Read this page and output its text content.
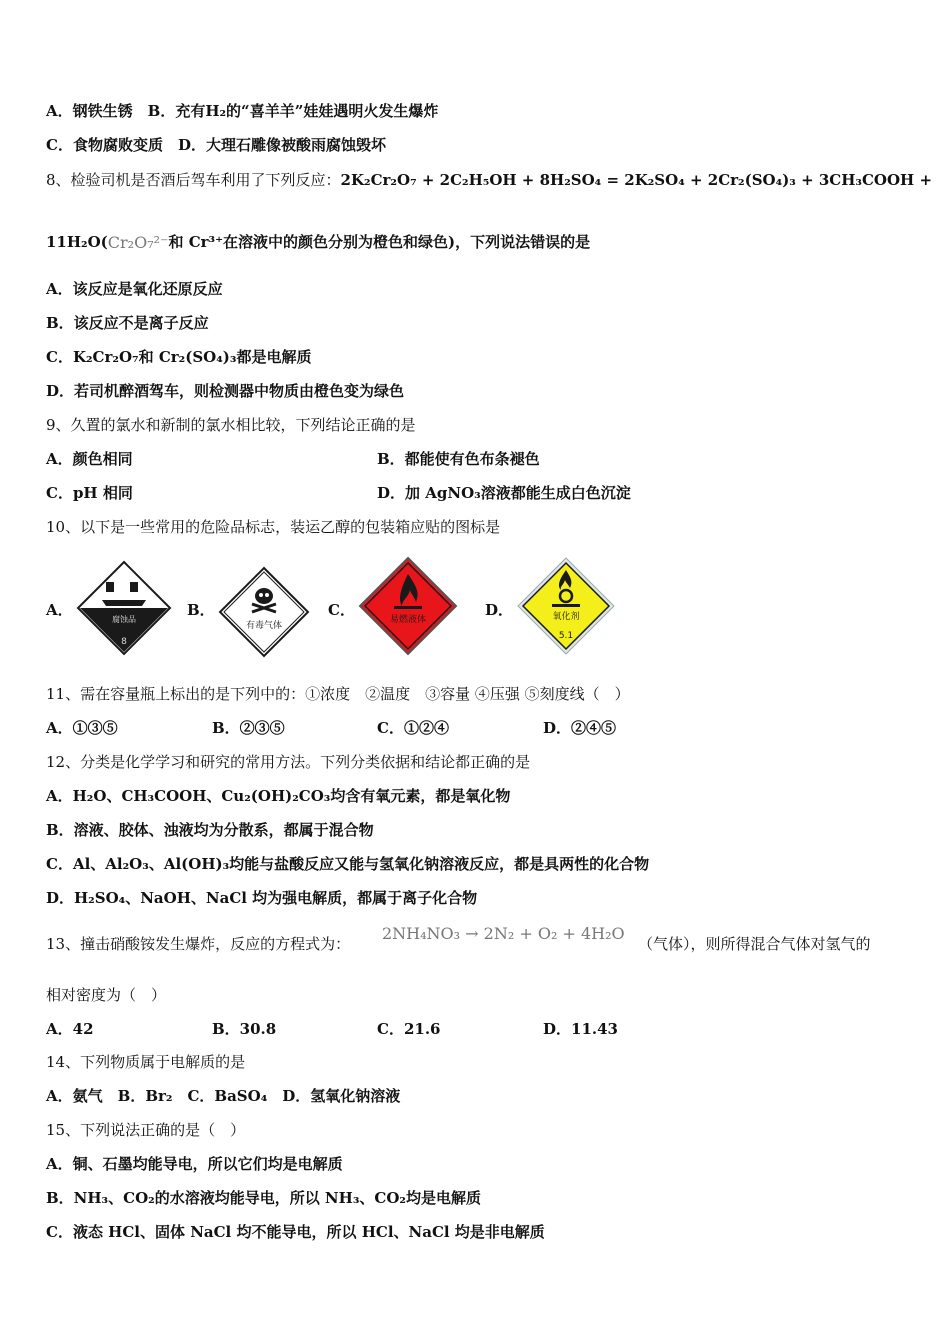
A．钢铁生锈　B．充有H₂的“喜羊羊”娃娃遇明火发生爆炸
C．食物腐败变质　D．大理石雕像被酸雨腐蚀毁坏
8、检验司机是否酒后驾车利用了下列反应：2K₂Cr₂O₇ + 2C₂H₅OH + 8H₂SO₄ = 2K₂SO₄ + 2Cr₂(SO₄)₃ + 3CH₃COOH +
11H₂O(Cr₂O₇²⁻和 Cr³⁺在溶液中的颜色分别为橙色和绿色)，下列说法错误的是
A．该反应是氧化还原反应
B．该反应不是离子反应
C．K₂Cr₂O₇和 Cr₂(SO₄)₃都是电解质
D．若司机醉酒驾车，则检测器中物质由橙色变为绿色
9、久置的氯水和新制的氯水相比较，下列结论正确的是
A．颜色相同	B．都能使有色布条褪色
C．pH 相同	D．加 AgNO₃溶液都能生成白色沉淀
10、以下是一些常用的危险品标志，装运乙醇的包装箱应贴的图标是
A．
腐蚀品
8
B．
有毒气体
C．
易燃液体
D．	氧化剂
5.1
11、需在容量瓶上标出的是下列中的：①浓度　②温度　③容量 ④压强 ⑤刻度线（　）
A．①③⑤	B．②③⑤	C．①②④	D．②④⑤
12、分类是化学学习和研究的常用方法。下列分类依据和结论都正确的是
A．H₂O、CH₃COOH、Cu₂(OH)₂CO₃均含有氧元素，都是氧化物
B．溶液、胶体、浊液均为分散系，都属于混合物
C．Al、Al₂O₃、Al(OH)₃均能与盐酸反应又能与氢氧化钠溶液反应，都是具两性的化合物
D．H₂SO₄、NaOH、NaCl 均为强电解质，都属于离子化合物
13、撞击硝酸铵发生爆炸，反应的方程式为：
2NH₄NO₃ → 2N₂ + O₂ + 4H₂O
（气体），则所得混合气体对氢气的
相对密度为（　）
A．42	B．30.8	C．21.6	D．11.43
14、下列物质属于电解质的是
A．氨气　B．Br₂　C．BaSO₄　D．氢氧化钠溶液
15、下列说法正确的是（　）
A．铜、石墨均能导电，所以它们均是电解质
B．NH₃、CO₂的水溶液均能导电，所以 NH₃、CO₂均是电解质
C．液态 HCl、固体 NaCl 均不能导电，所以 HCl、NaCl 均是非电解质
